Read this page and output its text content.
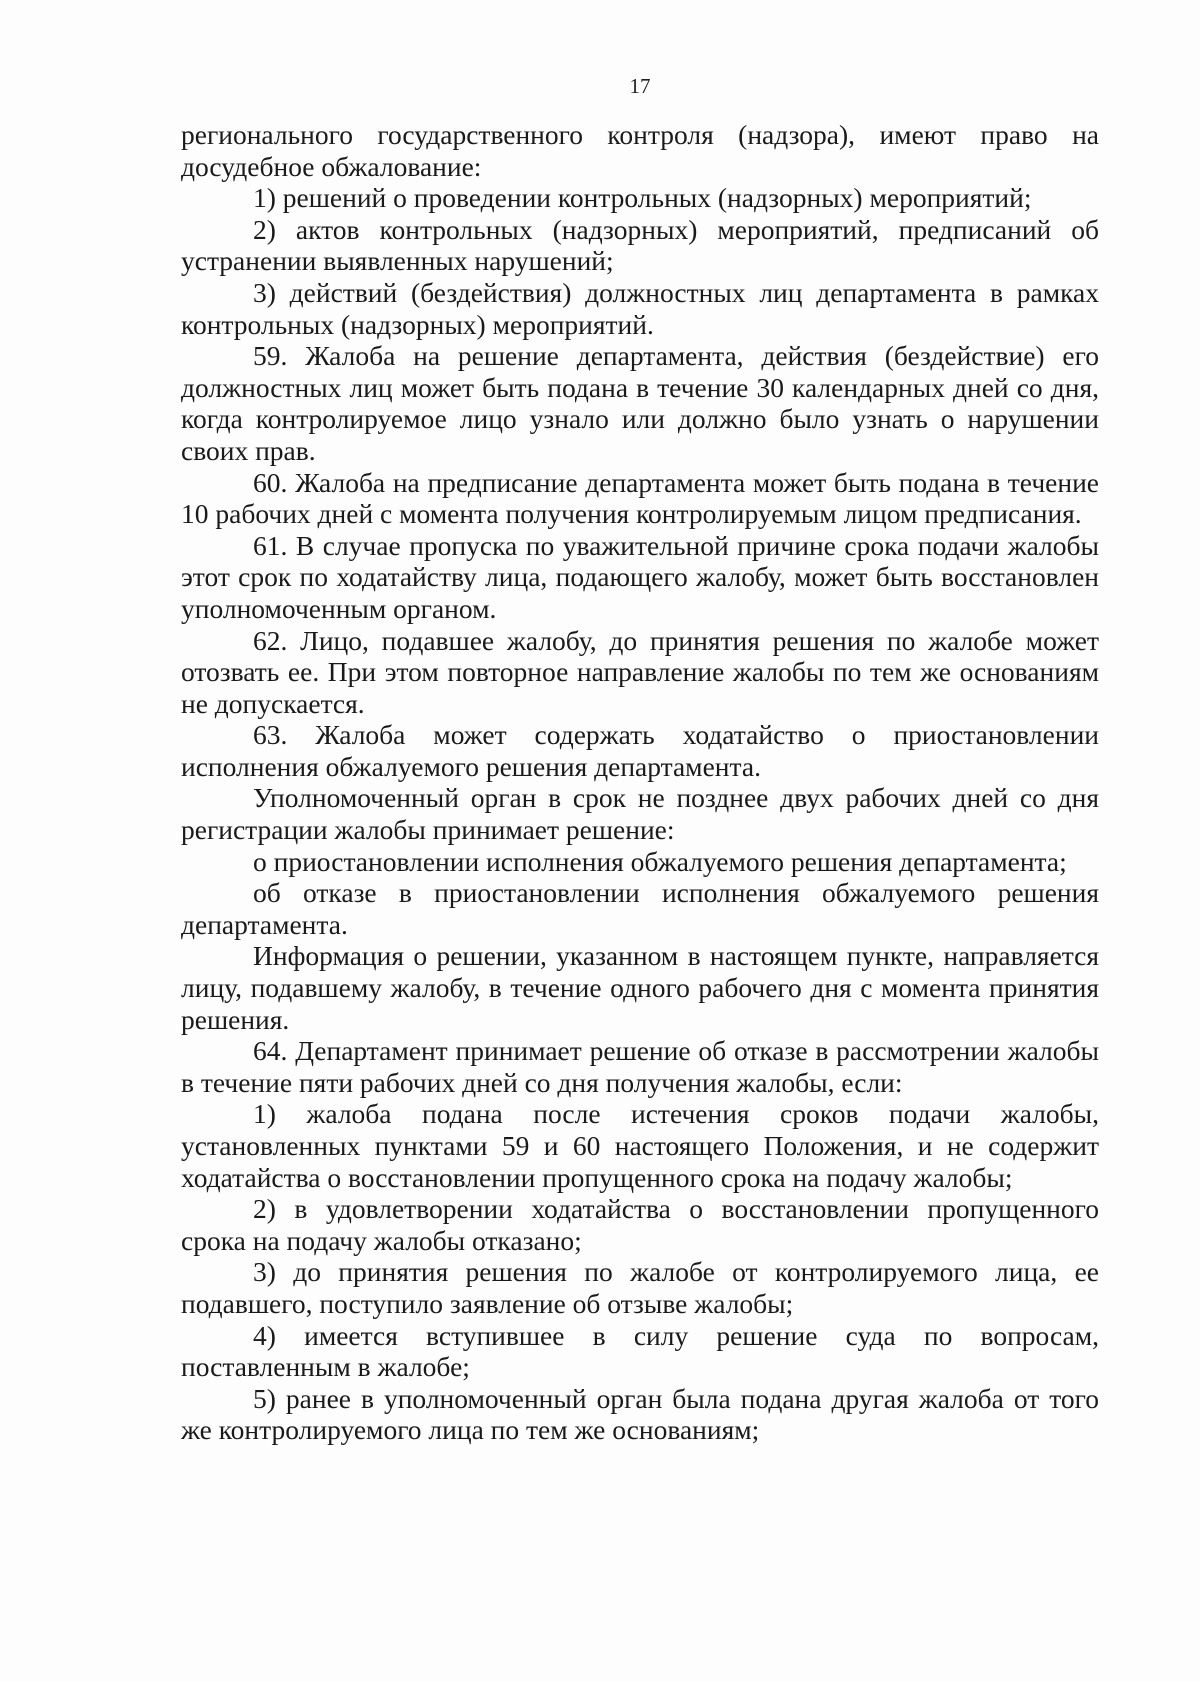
17

регионального государственного контроля (надзора), имеют право на досудебное обжалование:

1) решений о проведении контрольных (надзорных) мероприятий;

2) актов контрольных (надзорных) мероприятий, предписаний об устранении выявленных нарушений;

3) действий (бездействия) должностных лиц департамента в рамках контрольных (надзорных) мероприятий.

59. Жалоба на решение департамента, действия (бездействие) его должностных лиц может быть подана в течение 30 календарных дней со дня, когда контролируемое лицо узнало или должно было узнать о нарушении своих прав.

60. Жалоба на предписание департамента может быть подана в течение 10 рабочих дней с момента получения контролируемым лицом предписания.

61. В случае пропуска по уважительной причине срока подачи жалобы этот срок по ходатайству лица, подающего жалобу, может быть восстановлен уполномоченным органом.

62. Лицо, подавшее жалобу, до принятия решения по жалобе может отозвать ее. При этом повторное направление жалобы по тем же основаниям не допускается.

63. Жалоба может содержать ходатайство о приостановлении исполнения обжалуемого решения департамента.

Уполномоченный орган в срок не позднее двух рабочих дней со дня регистрации жалобы принимает решение:

о приостановлении исполнения обжалуемого решения департамента;

об отказе в приостановлении исполнения обжалуемого решения департамента.

Информация о решении, указанном в настоящем пункте, направляется лицу, подавшему жалобу, в течение одного рабочего дня с момента принятия решения.

64. Департамент принимает решение об отказе в рассмотрении жалобы в течение пяти рабочих дней со дня получения жалобы, если:

1) жалоба подана после истечения сроков подачи жалобы, установленных пунктами 59 и 60 настоящего Положения, и не содержит ходатайства о восстановлении пропущенного срока на подачу жалобы;

2) в удовлетворении ходатайства о восстановлении пропущенного срока на подачу жалобы отказано;

3) до принятия решения по жалобе от контролируемого лица, ее подавшего, поступило заявление об отзыве жалобы;

4) имеется вступившее в силу решение суда по вопросам, поставленным в жалобе;

5) ранее в уполномоченный орган была подана другая жалоба от того же контролируемого лица по тем же основаниям;
